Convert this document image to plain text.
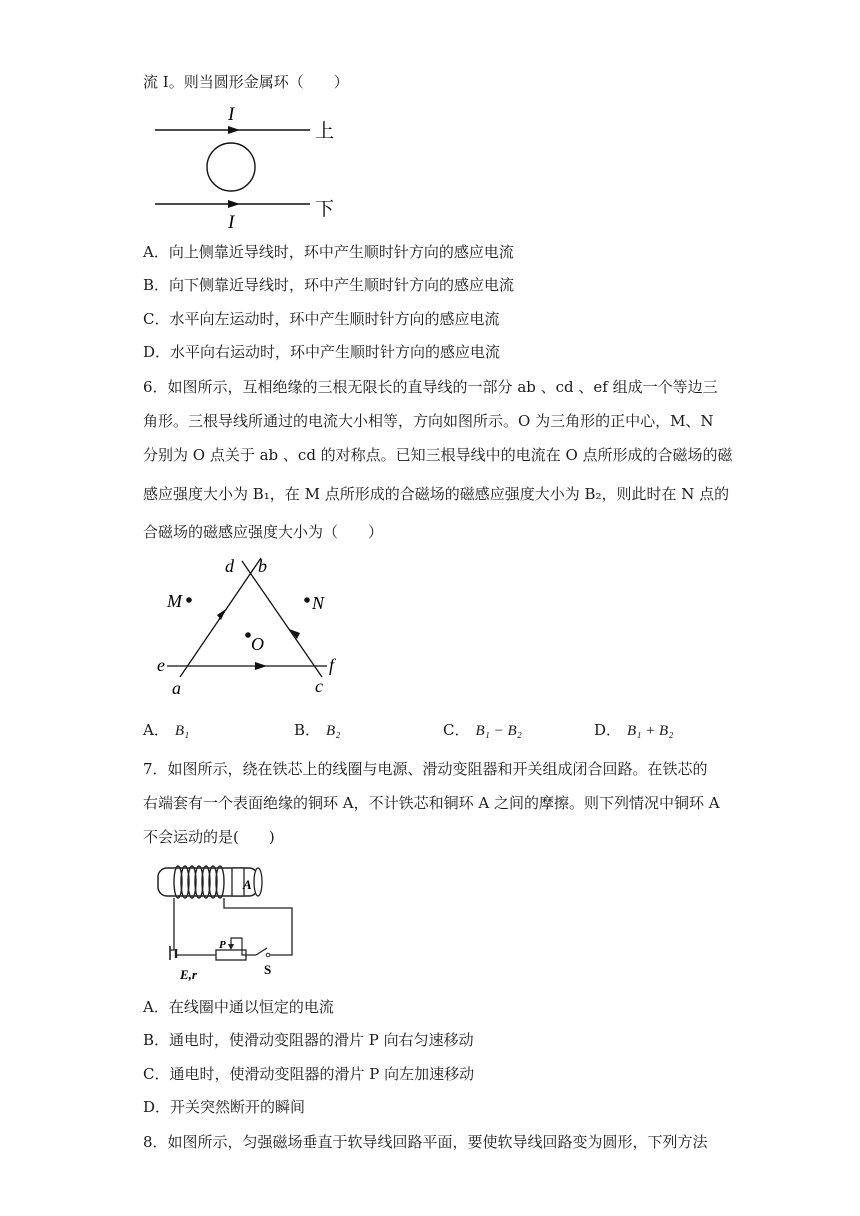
流 I。则当圆形金属环（　　）
I
I
上
下
A．向上侧靠近导线时，环中产生顺时针方向的感应电流
B．向下侧靠近导线时，环中产生顺时针方向的感应电流
C．水平向左运动时，环中产生顺时针方向的感应电流
D．水平向右运动时，环中产生顺时针方向的感应电流
6．如图所示，互相绝缘的三根无限长的直导线的一部分 ab 、cd 、ef 组成一个等边三
角形。三根导线所通过的电流大小相等，方向如图所示。O 为三角形的正中心，M、N
分别为 O 点关于 ab 、cd 的对称点。已知三根导线中的电流在 O 点所形成的合磁场的磁
感应强度大小为 B₁，在 M 点所形成的合磁场的磁感应强度大小为 B₂，则此时在 N 点的
合磁场的磁感应强度大小为（　　）
d b
M	N
O
e	f
a	c
A． B₁	B． B₂	C． B₁ − B₂	D． B₁ + B₂
7．如图所示，绕在铁芯上的线圈与电源、滑动变阻器和开关组成闭合回路。在铁芯的
右端套有一个表面绝缘的铜环 A，不计铁芯和铜环 A 之间的摩擦。则下列情况中铜环 A
不会运动的是(　　)
A
P
S
E,r
A．在线圈中通以恒定的电流
B．通电时，使滑动变阻器的滑片 P 向右匀速移动
C．通电时，使滑动变阻器的滑片 P 向左加速移动
D．开关突然断开的瞬间
8．如图所示，匀强磁场垂直于软导线回路平面，要使软导线回路变为圆形，下列方法
